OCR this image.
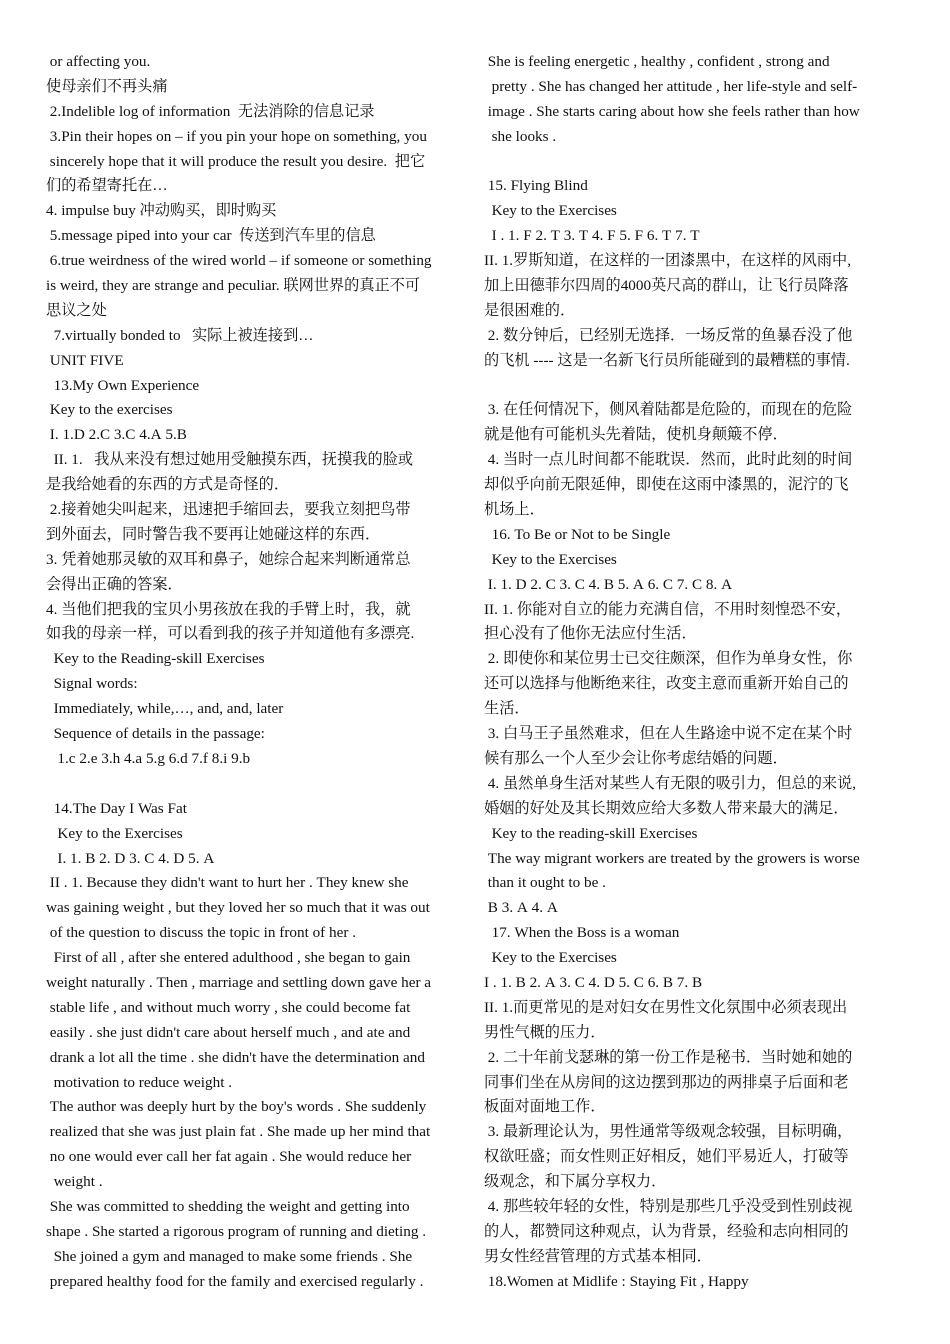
or affecting you.
使母亲们不再头痛
2.Indelible log of information  无法消除的信息记录
3.Pin their hopes on – if you pin your hope on something, you
sincerely hope that it will produce the result you desire.  把它
们的希望寄托在…
4. impulse buy 冲动购买，即时购买
5.message piped into your car  传送到汽车里的信息
6.true weirdness of the wired world – if someone or something
is weird, they are strange and peculiar. 联网世界的真正不可
思议之处
7.virtually bonded to   实际上被连接到…
UNIT FIVE
13.My Own Experience
Key to the exercises
I. 1.D 2.C 3.C 4.A 5.B
II. 1.   我从来没有想过她用受触摸东西，抚摸我的脸或
是我给她看的东西的方式是奇怪的．
2.接着她尖叫起来，迅速把手缩回去，要我立刻把鸟带
到外面去，同时警告我不要再让她碰这样的东西．
3. 凭着她那灵敏的双耳和鼻子，她综合起来判断通常总
会得出正确的答案．
4. 当他们把我的宝贝小男孩放在我的手臂上时，我，就
如我的母亲一样，可以看到我的孩子并知道他有多漂亮.
Key to the Reading-skill Exercises
Signal words:
Immediately, while,…, and, and, later
Sequence of details in the passage:
1.c 2.e 3.h 4.a 5.g 6.d 7.f 8.i 9.b
14.The Day I Was Fat
Key to the Exercises
I. 1. B 2. D 3. C 4. D 5. A
II . 1. Because they didn't want to hurt her . They knew she
was gaining weight , but they loved her so much that it was out
of the question to discuss the topic in front of her .
First of all , after she entered adulthood , she began to gain
weight naturally . Then , marriage and settling down gave her a
stable life , and without much worry , she could become fat
easily . she just didn't care about herself much , and ate and
drank a lot all the time . she didn't have the determination and
motivation to reduce weight .
The author was deeply hurt by the boy's words . She suddenly
realized that she was just plain fat . She made up her mind that
no one would ever call her fat again . She would reduce her
weight .
She was committed to shedding the weight and getting into
shape . She started a rigorous program of running and dieting .
She joined a gym and managed to make some friends . She
prepared healthy food for the family and exercised regularly .
She is feeling energetic , healthy , confident , strong and
pretty . She has changed her attitude , her life-style and self-
image . She starts caring about how she feels rather than how
she looks .
15. Flying Blind
Key to the Exercises
I . 1. F 2. T 3. T 4. F 5. F 6. T 7. T
II. 1.罗斯知道，在这样的一团漆黑中，在这样的风雨中,
加上田德菲尔四周的4000英尺高的群山，让飞行员降落
是很困难的．
2. 数分钟后，已经别无选择．一场反常的鱼暴吞没了他
的飞机 ---- 这是一名新飞行员所能碰到的最糟糕的事情.
3. 在任何情况下，侧风着陆都是危险的，而现在的危险
就是他有可能机头先着陆，使机身颠簸不停．
4. 当时一点儿时间都不能耽误．然而，此时此刻的时间
却似乎向前无限延伸，即使在这雨中漆黑的，泥泞的飞
机场上．
16. To Be or Not to be Single
Key to the Exercises
I. 1. D 2. C 3. C 4. B 5. A 6. C 7. C 8. A
II. 1. 你能对自立的能力充满自信，不用时刻惶恐不安，
担心没有了他你无法应付生活．
2. 即使你和某位男士已交往颇深，但作为单身女性，你
还可以选择与他断绝来往，改变主意而重新开始自己的
生活．
3. 白马王子虽然难求，但在人生路途中说不定在某个时
候有那么一个人至少会让你考虑结婚的问题．
4. 虽然单身生活对某些人有无限的吸引力，但总的来说,
婚姻的好处及其长期效应给大多数人带来最大的满足．
Key to the reading-skill Exercises
The way migrant workers are treated by the growers is worse
than it ought to be .
B 3. A 4. A
17. When the Boss is a woman
Key to the Exercises
I . 1. B 2. A 3. C 4. D 5. C 6. B 7. B
II. 1.而更常见的是对妇女在男性文化氛围中必须表现出
男性气概的压力．
2. 二十年前戈瑟琳的第一份工作是秘书．当时她和她的
同事们坐在从房间的这边摆到那边的两排桌子后面和老
板面对面地工作．
3. 最新理论认为，男性通常等级观念较强，目标明确，
权欲旺盛；而女性则正好相反，她们平易近人，打破等
级观念，和下属分享权力．
4. 那些较年轻的女性，特别是那些几乎没受到性别歧视
的人，都赞同这种观点，认为背景，经验和志向相同的
男女性经营管理的方式基本相同．
18.Women at Midlife : Staying Fit , Happy
